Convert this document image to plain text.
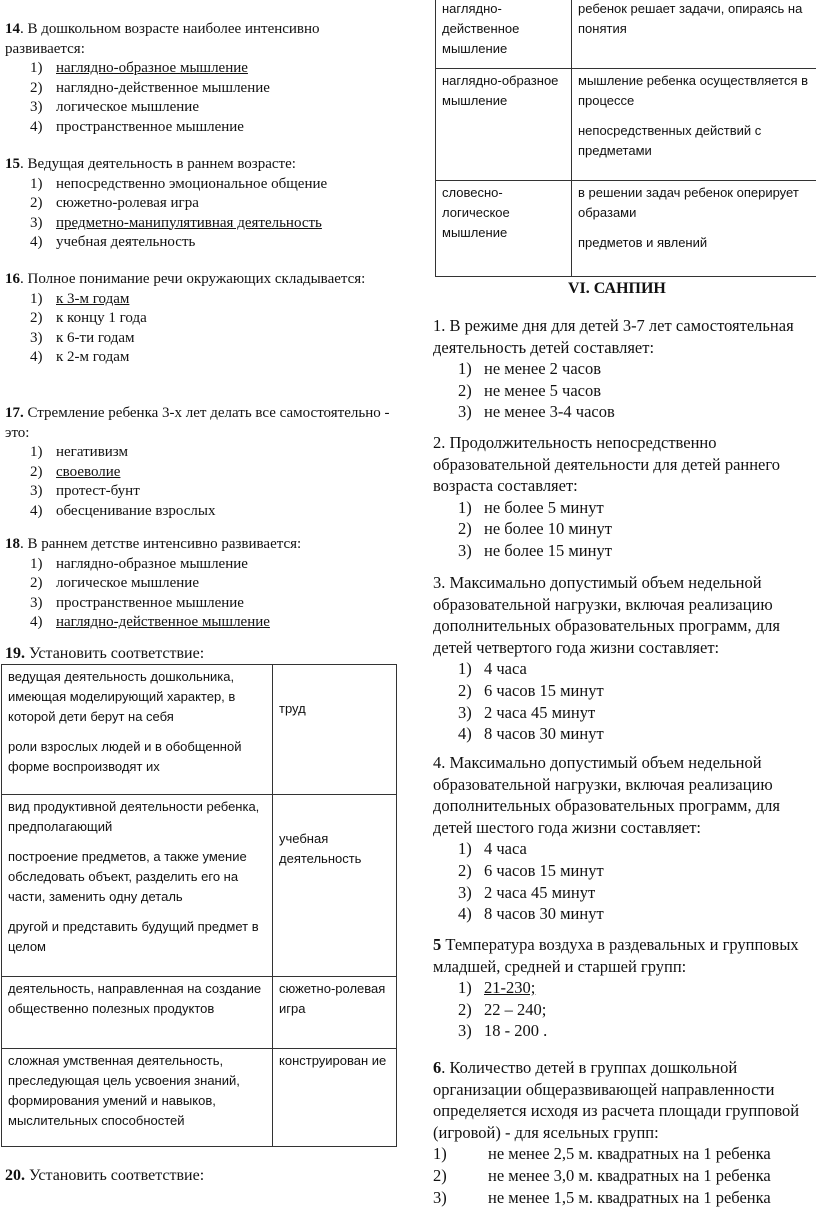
14. В дошкольном возрасте наиболее интенсивно развивается:
1) наглядно-образное мышление
2) наглядно-действенное мышление
3) логическое мышление
4) пространственное мышление
15. Ведущая деятельность в раннем возрасте:
1) непосредственно эмоциональное общение
2) сюжетно-ролевая игра
3) предметно-манипулятивная деятельность
4) учебная деятельность
16. Полное понимание речи окружающих складывается:
1) к 3-м годам
2) к концу 1 года
3) к 6-ти годам
4) к 2-м годам
17. Стремление ребенка 3-х лет делать все самостоятельно - это:
1) негативизм
2) своеволие
3) протест-бунт
4) обесценивание взрослых
18. В раннем детстве интенсивно развивается:
1) наглядно-образное мышление
2) логическое мышление
3) пространственное мышление
4) наглядно-действенное мышление
19. Установить соответствие:
ведущая деятельность дошкольника, имеющая моделирующий характер, в которой дети берут на себя
роли взрослых людей и в обобщенной форме воспроизводят их	труд

вид продуктивной деятельности ребенка, предполагающий
построение предметов, а также умение обследовать объект, разделить его на части, заменить одну деталь
другой и представить будущий предмет в целом	учебная деятельность

деятельность, направленная на создание общественно полезных продуктов	сюжетно-ролевая игра

сложная умственная деятельность, преследующая цель усвоения знаний, формирования умений и навыков, мыслительных способностей	конструирован ие
20. Установить соответствие:
наглядно-действенное мышление	ребенок решает задачи, опираясь на понятия

наглядно-образное мышление	мышление ребенка осуществляется в процессе
непосредственных действий с предметами

словесно-логическое мышление	в решении задач ребенок оперирует образами
предметов и явлений
VI. САНПИН
1. В режиме дня для детей 3-7 лет самостоятельная деятельность детей составляет:
1) не менее 2 часов
2) не менее 5 часов
3) не менее 3-4 часов
2. Продолжительность непосредственно образовательной деятельности для детей раннего возраста составляет:
1) не более 5 минут
2) не более 10 минут
3) не более 15 минут
3. Максимально допустимый объем недельной образовательной нагрузки, включая реализацию дополнительных образовательных программ, для детей четвертого года жизни составляет:
1) 4 часа
2) 6 часов 15 минут
3) 2 часа 45 минут
4) 8 часов 30 минут
4. Максимально допустимый объем недельной образовательной нагрузки, включая реализацию дополнительных образовательных программ, для детей шестого года жизни составляет:
1) 4 часа
2) 6 часов 15 минут
3) 2 часа 45 минут
4) 8 часов 30 минут
5 Температура воздуха в раздевальных и групповых младшей, средней и старшей групп:
1) 21-230;
2) 22 – 240;
3) 18 - 200 .
6. Количество детей в группах дошкольной организации общеразвивающей направленности определяется исходя из расчета площади групповой (игровой) - для ясельных групп:
1)	не менее 2,5 м. квадратных на 1 ребенка
2)	не менее 3,0 м. квадратных на 1 ребенка
3)	не менее 1,5 м. квадратных на 1 ребенка
